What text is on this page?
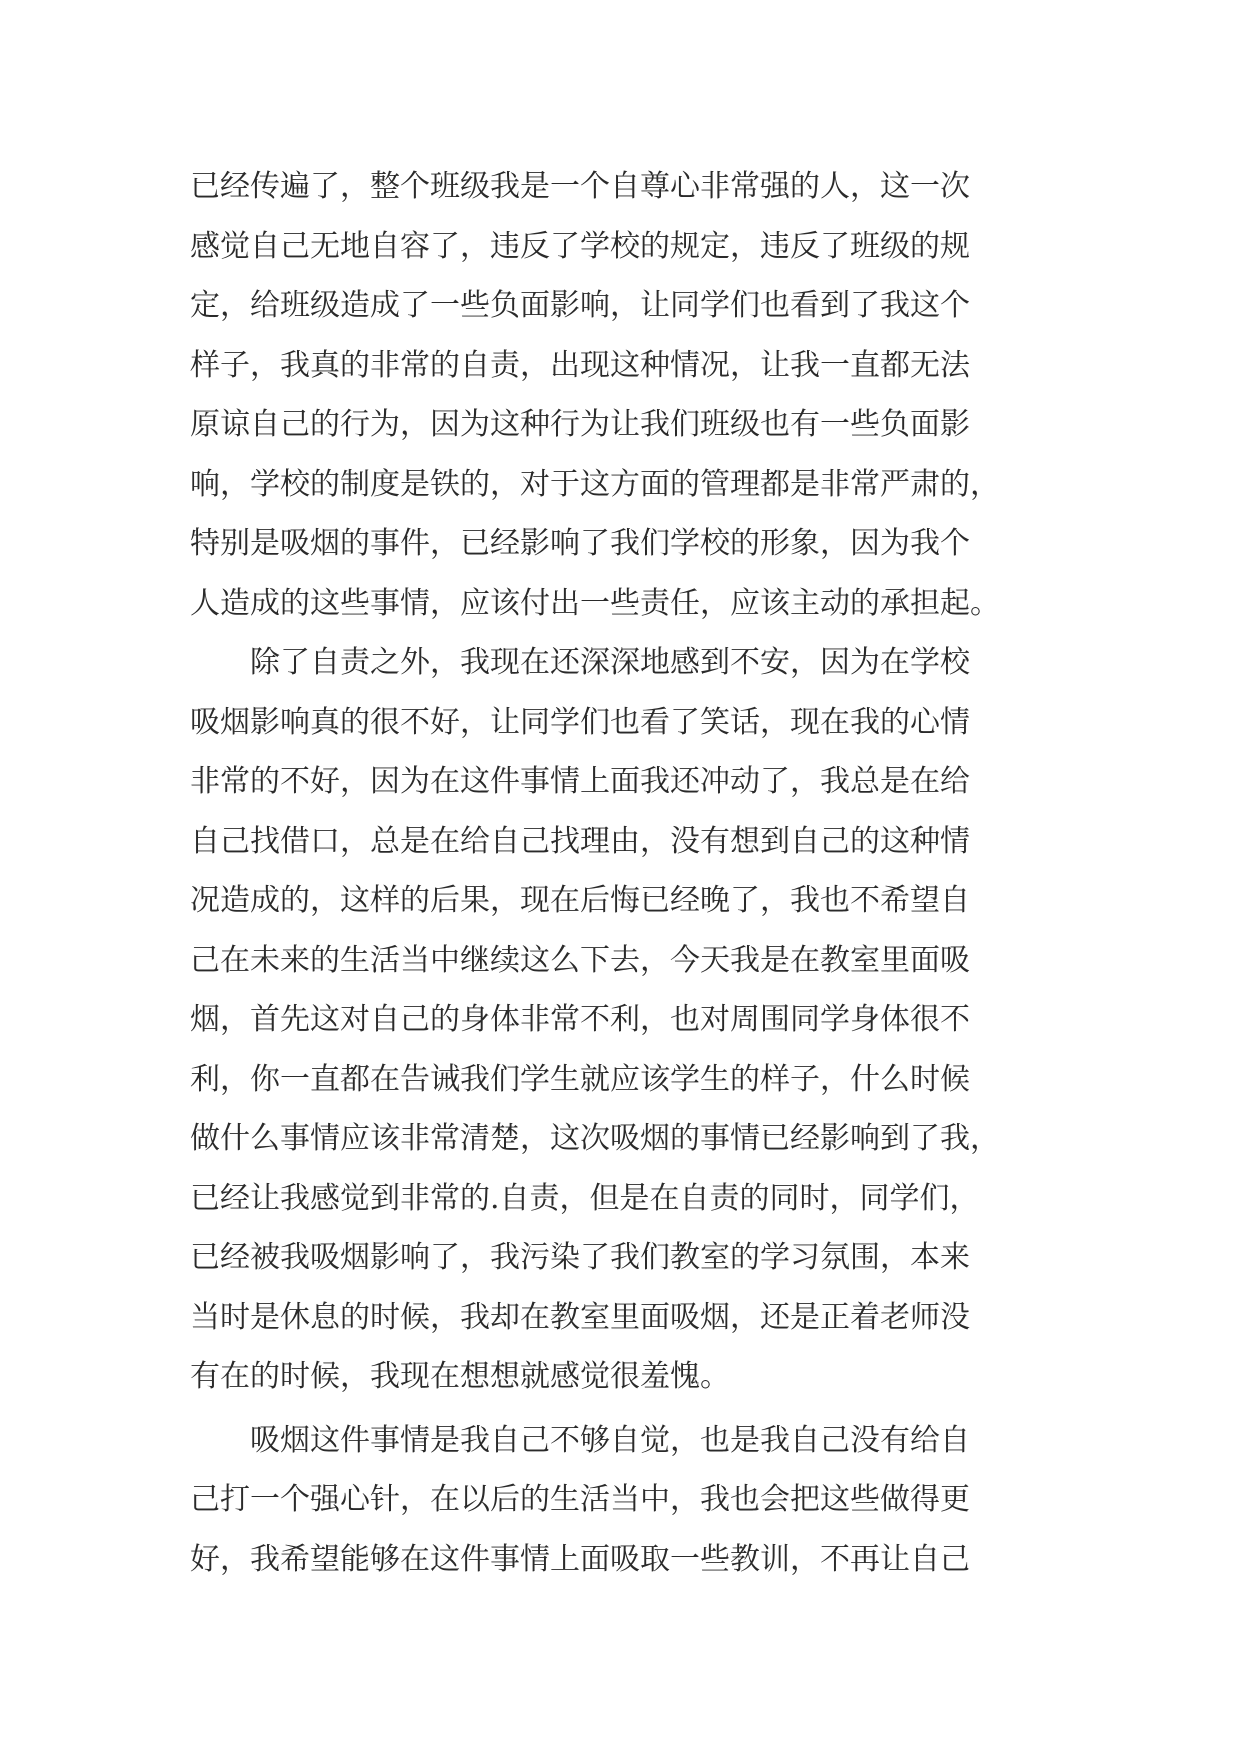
已经传遍了，整个班级我是一个自尊心非常强的人，这一次
感觉自己无地自容了，违反了学校的规定，违反了班级的规
定，给班级造成了一些负面影响，让同学们也看到了我这个
样子，我真的非常的自责，出现这种情况，让我一直都无法
原谅自己的行为，因为这种行为让我们班级也有一些负面影
响，学校的制度是铁的，对于这方面的管理都是非常严肃的，
特别是吸烟的事件，已经影响了我们学校的形象，因为我个
人造成的这些事情，应该付出一些责任，应该主动的承担起。
　　除了自责之外，我现在还深深地感到不安，因为在学校
吸烟影响真的很不好，让同学们也看了笑话，现在我的心情
非常的不好，因为在这件事情上面我还冲动了，我总是在给
自己找借口，总是在给自己找理由，没有想到自己的这种情
况造成的，这样的后果，现在后悔已经晚了，我也不希望自
己在未来的生活当中继续这么下去，今天我是在教室里面吸
烟，首先这对自己的身体非常不利，也对周围同学身体很不
利，你一直都在告诫我们学生就应该学生的样子，什么时候
做什么事情应该非常清楚，这次吸烟的事情已经影响到了我，
已经让我感觉到非常的.自责，但是在自责的同时，同学们，
已经被我吸烟影响了，我污染了我们教室的学习氛围，本来
当时是休息的时候，我却在教室里面吸烟，还是正着老师没
有在的时候，我现在想想就感觉很羞愧。
　　吸烟这件事情是我自己不够自觉，也是我自己没有给自
己打一个强心针，在以后的生活当中，我也会把这些做得更
好，我希望能够在这件事情上面吸取一些教训，不再让自己
